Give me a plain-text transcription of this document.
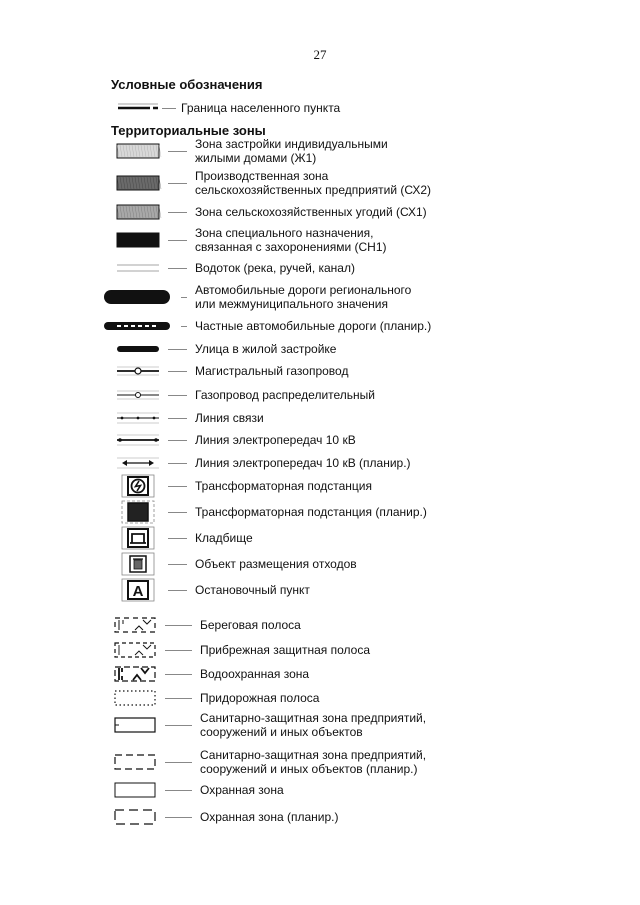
27
Условные обозначения
Граница населенного пункта
Территориальные зоны
Зона застройки индивидуальными
жилыми домами (Ж1)
Производственная зона
сельскохозяйственных предприятий (СХ2)
Зона сельскохозяйственных угодий (СХ1)
Зона специального назначения,
связанная с захоронениями (СН1)
Водоток (река, ручей, канал)
Автомобильные дороги регионального
или межмуниципального значения
Частные автомобильные дороги (планир.)
Улица в жилой застройке
Магистральный газопровод
Газопровод распределительный
Линия связи
Линия электропередач 10 кВ
Линия электропередач 10 кВ (планир.)
Трансформаторная подстанция
Трансформаторная подстанция (планир.)
Кладбище
Объект размещения отходов
A	Остановочный пункт
Береговая полоса
Прибрежная защитная полоса
Водоохранная зона
Придорожная полоса
Санитарно-защитная зона предприятий,
сооружений и иных объектов
Санитарно-защитная зона предприятий,
сооружений и иных объектов (планир.)
Охранная зона
Охранная зона (планир.)
